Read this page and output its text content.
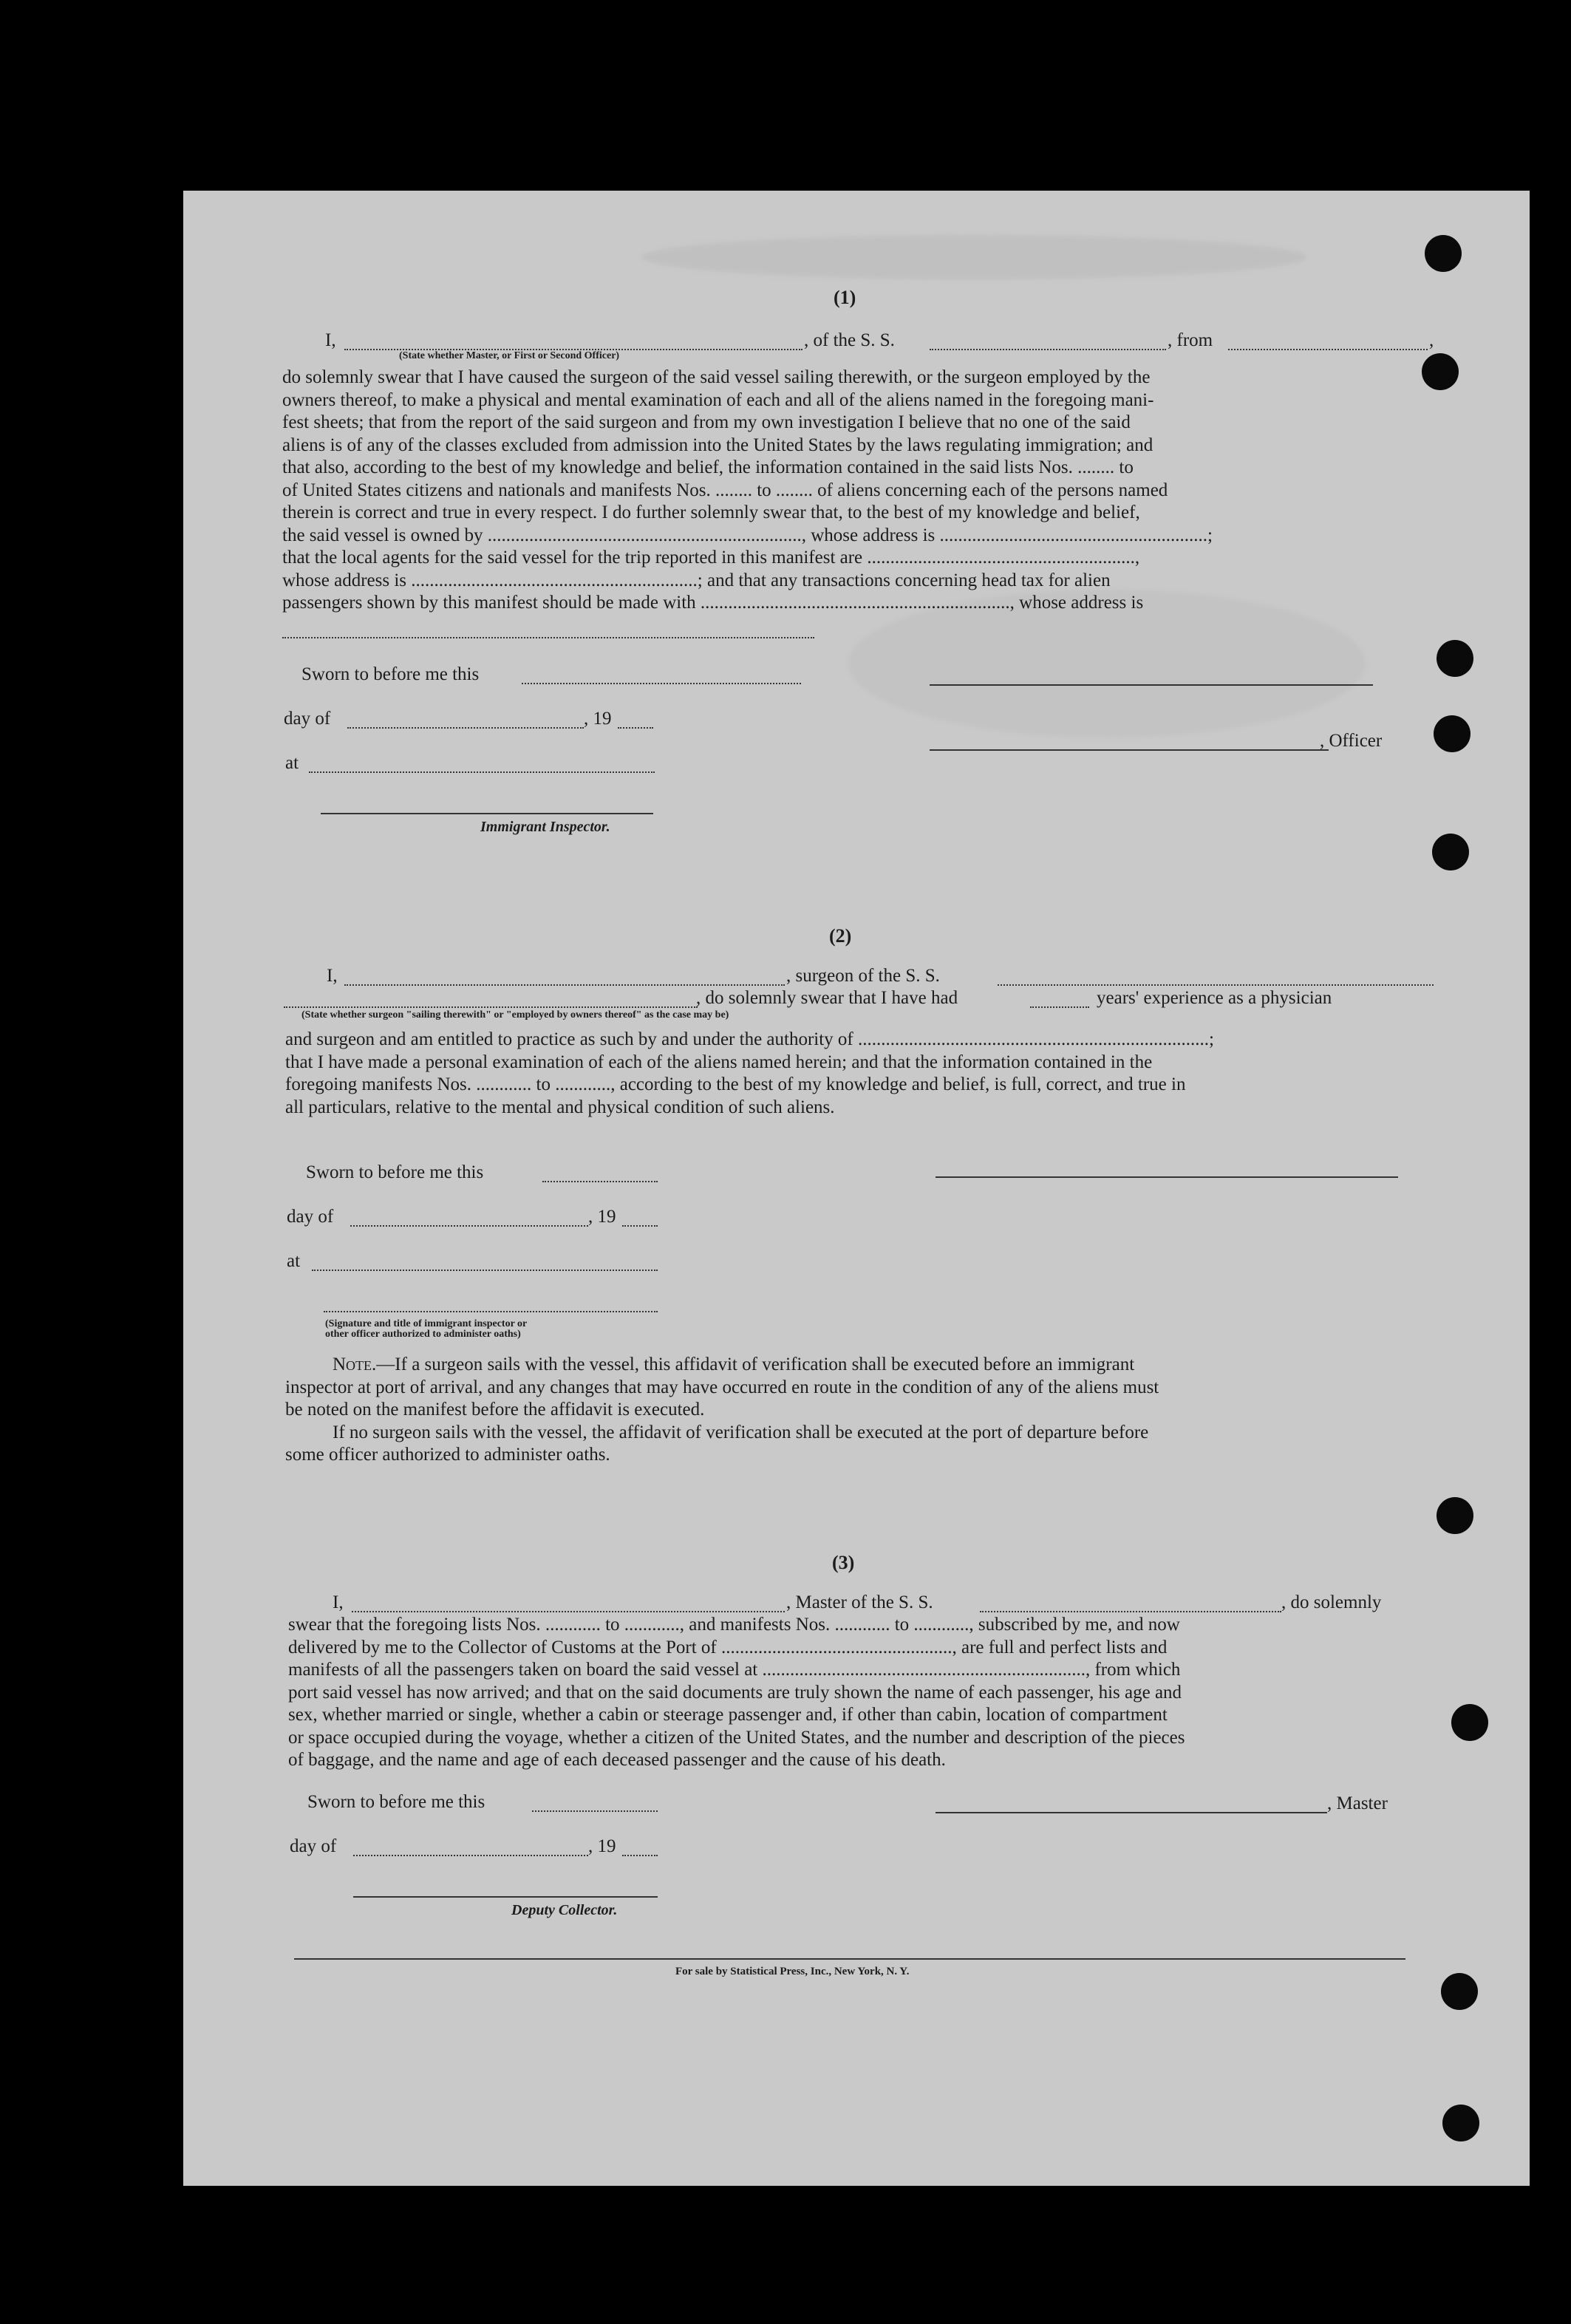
(1)
I,	, of the S. S.	, from	,
(State whether Master, or First or Second Officer)

do solemnly swear that I have caused the surgeon of the said vessel sailing therewith, or the surgeon employed by the

owners thereof, to make a physical and mental examination of each and all of the aliens named in the foregoing mani-

fest sheets; that from the report of the said surgeon and from my own investigation I believe that no one of the said

aliens is of any of the classes excluded from admission into the United States by the laws regulating immigration; and

that also, according to the best of my knowledge and belief, the information contained in the said lists Nos. ........ to

of United States citizens and nationals and manifests Nos. ........ to ........ of aliens concerning each of the persons named

therein is correct and true in every respect. I do further solemnly swear that, to the best of my knowledge and belief,

the said vessel is owned by ...................................................................., whose address is ..........................................................;

that the local agents for the said vessel for the trip reported in this manifest are ..........................................................,

whose address is ..............................................................; and that any transactions concerning head tax for alien

passengers shown by this manifest should be made with ..................................................................., whose address is

Sworn to before me this
day of	, 19
at
Immigrant Inspector.
, Officer
(2)
I,	, surgeon of the S. S.
, do solemnly swear that I have had	years' experience as a physician
(State whether surgeon "sailing therewith" or "employed by owners thereof" as the case may be)

and surgeon and am entitled to practice as such by and under the authority of ............................................................................;

that I have made a personal examination of each of the aliens named herein; and that the information contained in the

foregoing manifests Nos. ............ to ............, according to the best of my knowledge and belief, is full, correct, and true in

all particulars, relative to the mental and physical condition of such aliens.

Sworn to before me this
day of	, 19
at
(Signature and title of immigrant inspector or
other officer authorized to administer oaths)

Note.—If a surgeon sails with the vessel, this affidavit of verification shall be executed before an immigrant

inspector at port of arrival, and any changes that may have occurred en route in the condition of any of the aliens must

be noted on the manifest before the affidavit is executed.

If no surgeon sails with the vessel, the affidavit of verification shall be executed at the port of departure before

some officer authorized to administer oaths.

(3)
I,	, Master of the S. S.	, do solemnly

swear that the foregoing lists Nos. ............ to ............, and manifests Nos. ............ to ............, subscribed by me, and now

delivered by me to the Collector of Customs at the Port of .................................................., are full and perfect lists and

manifests of all the passengers taken on board the said vessel at ......................................................................, from which

port said vessel has now arrived; and that on the said documents are truly shown the name of each passenger, his age and

sex, whether married or single, whether a cabin or steerage passenger and, if other than cabin, location of compartment

or space occupied during the voyage, whether a citizen of the United States, and the number and description of the pieces

of baggage, and the name and age of each deceased passenger and the cause of his death.

Sworn to before me this
day of	, 19
Deputy Collector.
, Master
For sale by Statistical Press, Inc., New York, N. Y.
